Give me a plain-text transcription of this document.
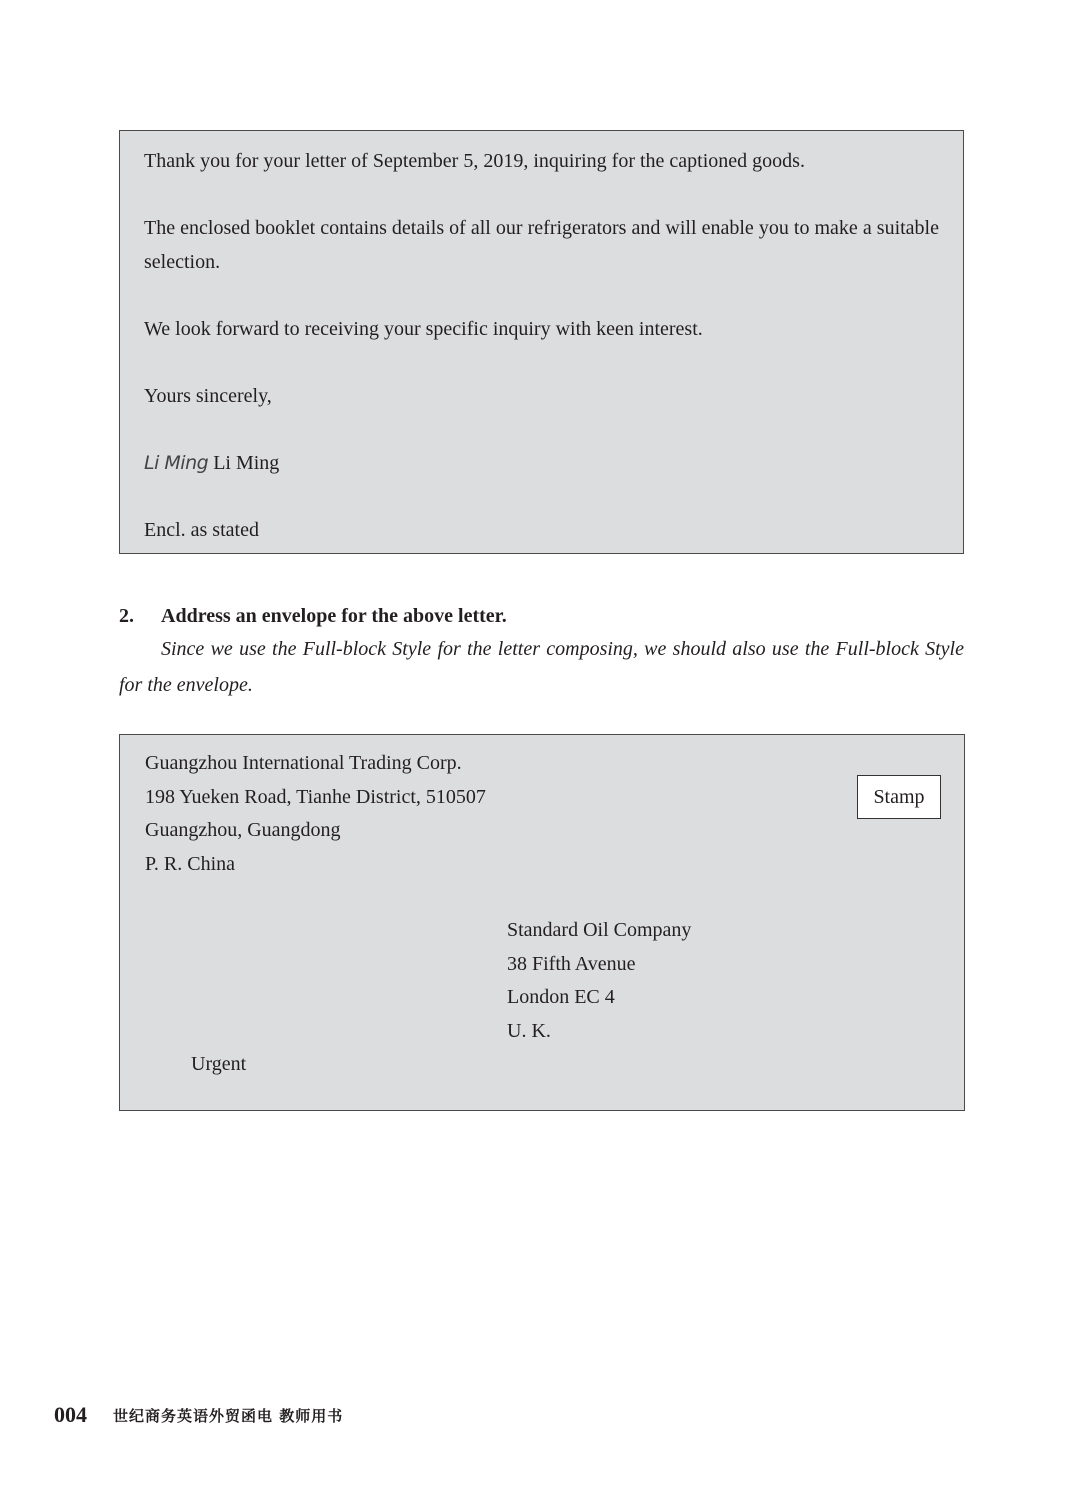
Thank you for your letter of September 5, 2019, inquiring for the captioned goods.

The enclosed booklet contains details of all our refrigerators and will enable you to make a suitable selection.

We look forward to receiving your specific inquiry with keen interest.

Yours sincerely,

Li Ming Li Ming

Encl. as stated

2. Address an envelope for the above letter.

Since we use the Full-block Style for the letter composing, we should also use the Full-block Style for the envelope.

Guangzhou International Trading Corp.
198 Yueken Road, Tianhe District, 510507
Guangzhou, Guangdong
P. R. China
Stamp
Standard Oil Company
38 Fifth Avenue
London EC 4
U. K.
Urgent
004 世纪商务英语外贸函电 教师用书
